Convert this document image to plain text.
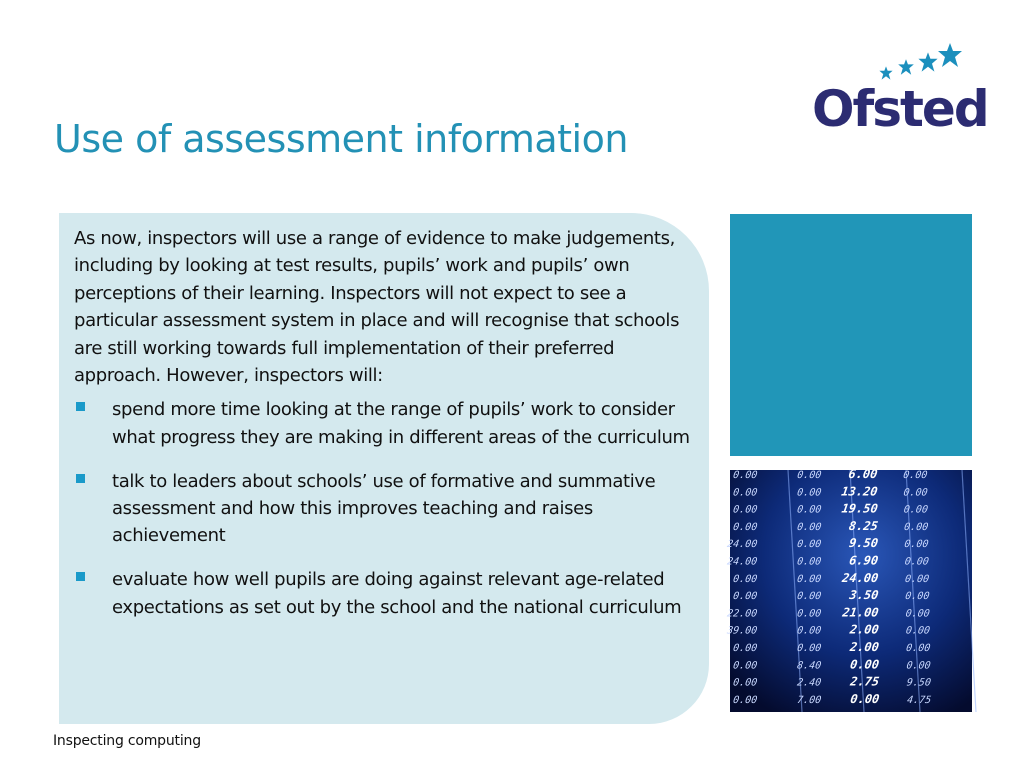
Ofsted
Use of assessment information

As now, inspectors will use a range of evidence to make judgements, including by looking at test results, pupils’ work and pupils’ own perceptions of their learning. Inspectors will not expect to see a particular assessment system in place and will recognise that schools are still working towards full implementation of their preferred approach. However, inspectors will:

spend more time looking at the range of pupils’ work to consider what progress they are making in different areas of the curriculum
talk to leaders about schools’ use of formative and summative assessment and how this improves teaching and raises achievement
evaluate how well pupils are doing against relevant age-related expectations as set out by the school and the national curriculum
0.00
0.00
0.00
0.00
24.00
24.00
0.00
0.00
22.00
39.00
0.00
0.00
0.00
0.00
0.00
0.00
0.00
0.00
0.00
0.00
0.00
0.00
0.00
0.00
0.00
8.40
2.40
7.00
6.00
13.20
19.50
8.25
9.50
6.90
24.00
3.50
21.00
2.00
2.00
0.00
2.75
0.00
0.00
0.00
0.00
0.00
0.00
0.00
0.00
0.00
0.00
0.00
0.00
0.00
9.50
4.75
Inspecting computing
